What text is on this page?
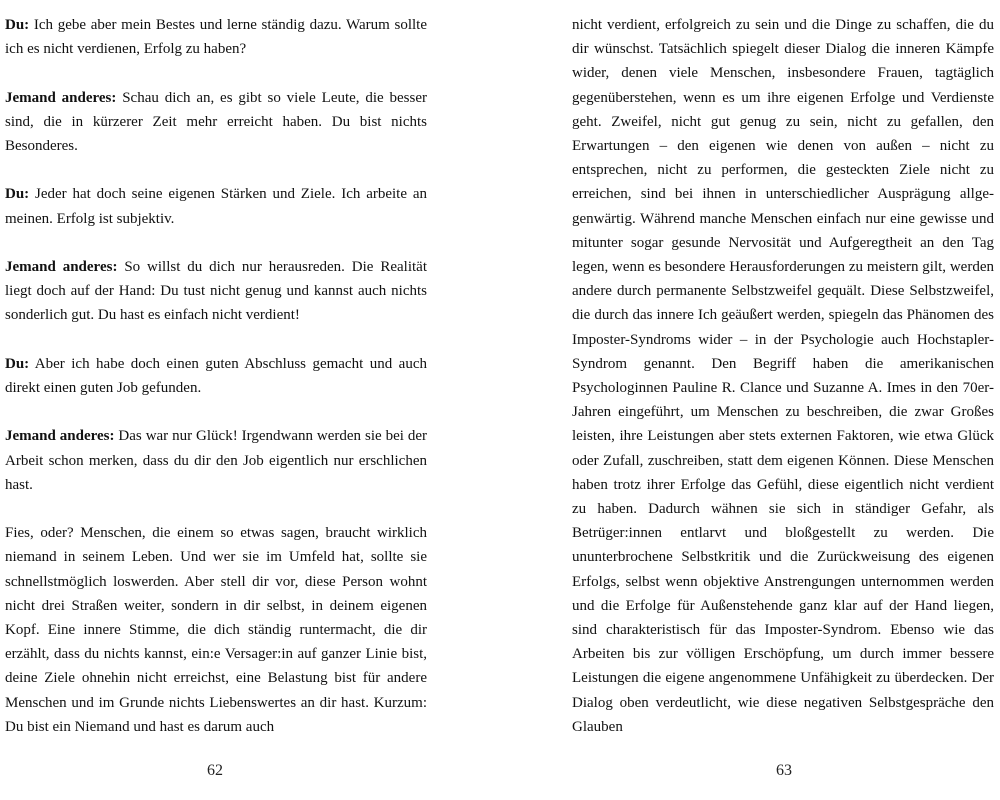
Du: Ich gebe aber mein Bestes und lerne ständig dazu. Warum sollte ich es nicht verdienen, Erfolg zu haben?

Jemand anderes: Schau dich an, es gibt so viele Leute, die besser sind, die in kürzerer Zeit mehr erreicht haben. Du bist nichts Besonderes.

Du: Jeder hat doch seine eigenen Stärken und Ziele. Ich arbeite an meinen. Erfolg ist subjektiv.

Jemand anderes: So willst du dich nur herausreden. Die Realität liegt doch auf der Hand: Du tust nicht genug und kannst auch nichts sonderlich gut. Du hast es einfach nicht verdient!

Du: Aber ich habe doch einen guten Abschluss gemacht und auch direkt einen guten Job gefunden.

Jemand anderes: Das war nur Glück! Irgendwann werden sie bei der Arbeit schon merken, dass du dir den Job eigentlich nur erschlichen hast.

Fies, oder? Menschen, die einem so etwas sagen, braucht wirklich niemand in seinem Leben. Und wer sie im Umfeld hat, sollte sie schnellstmöglich loswerden. Aber stell dir vor, diese Person wohnt nicht drei Straßen weiter, sondern in dir selbst, in deinem eigenen Kopf. Eine innere Stimme, die dich ständig runtermacht, die dir erzählt, dass du nichts kannst, ein:e Versager:in auf ganzer Linie bist, deine Ziele ohnehin nicht erreichst, eine Belastung bist für andere Menschen und im Grunde nichts Liebenswertes an dir hast. Kurzum: Du bist ein Niemand und hast es darum auch

nicht verdient, erfolgreich zu sein und die Dinge zu schaffen, die du dir wünschst. Tatsächlich spiegelt dieser Dialog die inneren Kämpfe wider, denen viele Menschen, insbesondere Frauen, tagtäglich gegenüberstehen, wenn es um ihre eigenen Erfolge und Verdienste geht. Zweifel, nicht gut genug zu sein, nicht zu gefallen, den Erwartungen – den eigenen wie denen von außen – nicht zu entsprechen, nicht zu performen, die gesteckten Ziele nicht zu erreichen, sind bei ihnen in unterschiedlicher Ausprägung allgegenwärtig. Während manche Menschen einfach nur eine gewisse und mitunter sogar gesunde Nervosität und Aufgeregtheit an den Tag legen, wenn es besondere Herausforderungen zu meistern gilt, werden andere durch permanente Selbstzweifel gequält. Diese Selbstzweifel, die durch das innere Ich geäußert werden, spiegeln das Phänomen des Imposter-Syndroms wider – in der Psychologie auch Hochstapler-Syndrom genannt. Den Begriff haben die amerikanischen Psychologinnen Pauline R. Clance und Suzanne A. Imes in den 70er-Jahren eingeführt, um Menschen zu beschreiben, die zwar Großes leisten, ihre Leistungen aber stets externen Faktoren, wie etwa Glück oder Zufall, zuschreiben, statt dem eigenen Können. Diese Menschen haben trotz ihrer Erfolge das Gefühl, diese eigentlich nicht verdient zu haben. Dadurch wähnen sie sich in ständiger Gefahr, als Betrüger:innen entlarvt und bloßgestellt zu werden. Die ununterbrochene Selbstkritik und die Zurückweisung des eigenen Erfolgs, selbst wenn objektive Anstrengungen unternommen werden und die Erfolge für Außenstehende ganz klar auf der Hand liegen, sind charakteristisch für das Imposter-Syndrom. Ebenso wie das Arbeiten bis zur völligen Erschöpfung, um durch immer bessere Leistungen die eigene angenommene Unfähigkeit zu überdecken. Der Dialog oben verdeutlicht, wie diese negativen Selbstgespräche den Glauben

62	63
